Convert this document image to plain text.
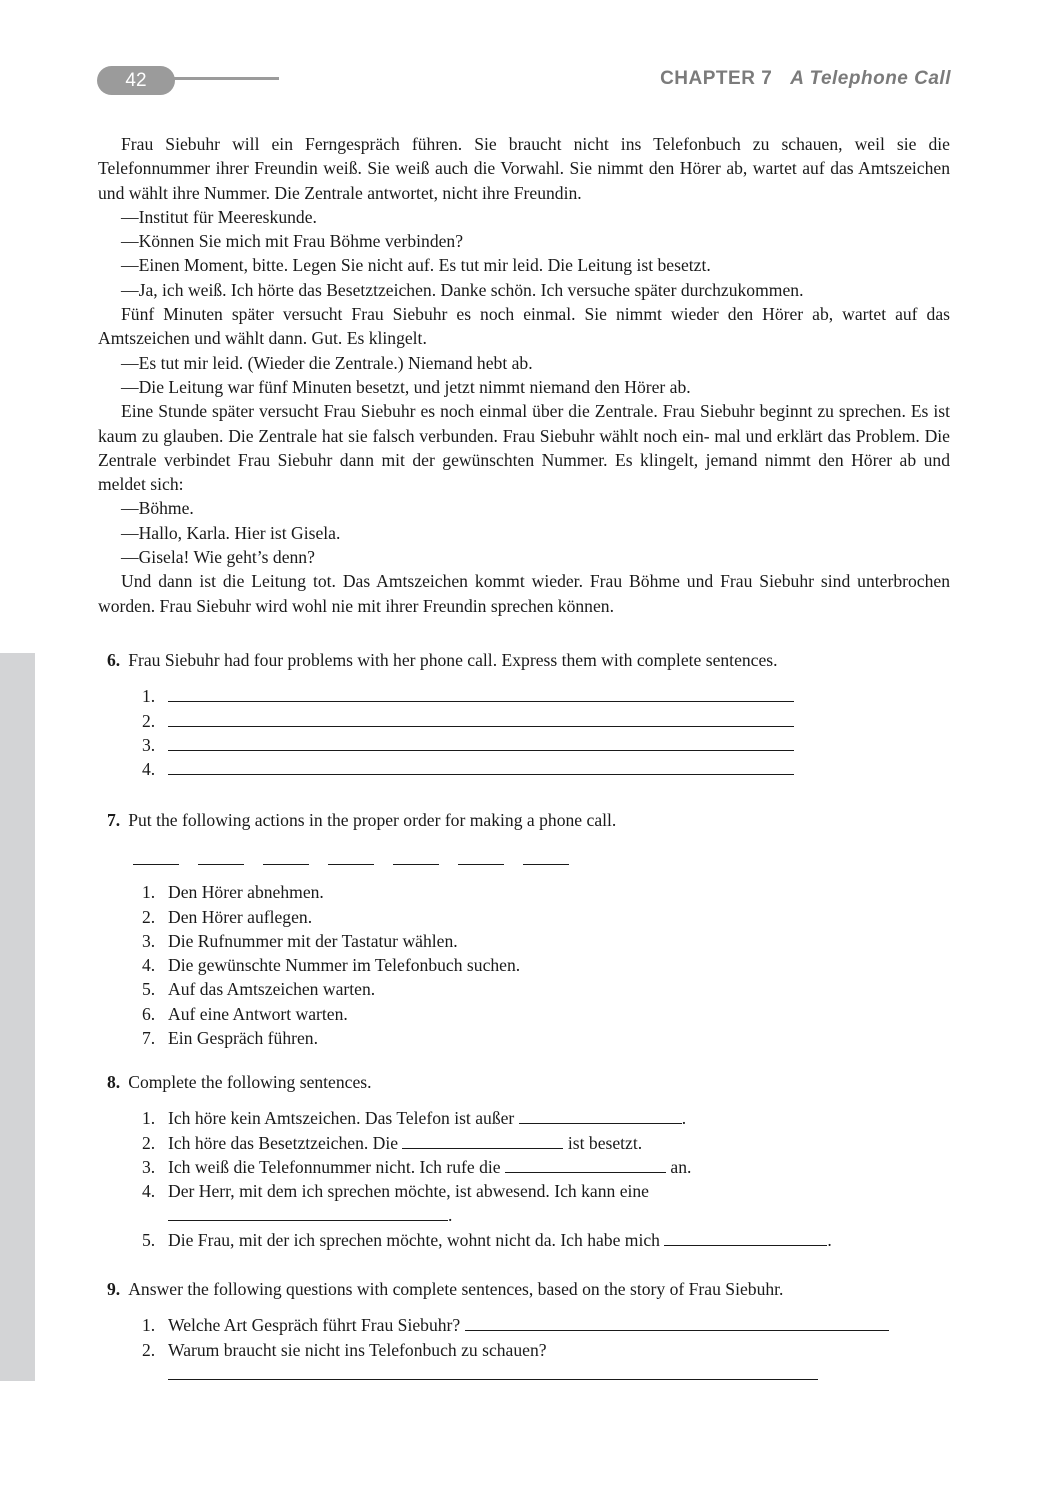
42	CHAPTER 7 A Telephone Call

Frau Siebuhr will ein Ferngespräch führen. Sie braucht nicht ins Telefonbuch zu schauen, weil sie die Telefonnummer ihrer Freundin weiß. Sie weiß auch die Vorwahl. Sie nimmt den Hörer ab, wartet auf das Amtszeichen und wählt ihre Nummer. Die Zentrale antwortet, nicht ihre Freundin.

—Institut für Meereskunde.

—Können Sie mich mit Frau Böhme verbinden?

—Einen Moment, bitte. Legen Sie nicht auf. Es tut mir leid. Die Leitung ist besetzt.

—Ja, ich weiß. Ich hörte das Besetztzeichen. Danke schön. Ich versuche später durchzukommen.

Fünf Minuten später versucht Frau Siebuhr es noch einmal. Sie nimmt wieder den Hörer ab, wartet auf das Amtszeichen und wählt dann. Gut. Es klingelt.

—Es tut mir leid. (Wieder die Zentrale.) Niemand hebt ab.

—Die Leitung war fünf Minuten besetzt, und jetzt nimmt niemand den Hörer ab.

Eine Stunde später versucht Frau Siebuhr es noch einmal über die Zentrale. Frau Siebuhr beginnt zu sprechen. Es ist kaum zu glauben. Die Zentrale hat sie falsch verbunden. Frau Siebuhr wählt noch ein- mal und erklärt das Problem. Die Zentrale verbindet Frau Siebuhr dann mit der gewünschten Nummer. Es klingelt, jemand nimmt den Hörer ab und meldet sich:

—Böhme.

—Hallo, Karla. Hier ist Gisela.

—Gisela! Wie geht’s denn?

Und dann ist die Leitung tot. Das Amtszeichen kommt wieder. Frau Böhme und Frau Siebuhr sind unterbrochen worden. Frau Siebuhr wird wohl nie mit ihrer Freundin sprechen können.

6. Frau Siebuhr had four problems with her phone call. Express them with complete sentences.
1.
2.
3.
4.
7. Put the following actions in the proper order for making a phone call.
1. Den Hörer abnehmen.
2. Den Hörer auflegen.
3. Die Rufnummer mit der Tastatur wählen.
4. Die gewünschte Nummer im Telefonbuch suchen.
5. Auf das Amtszeichen warten.
6. Auf eine Antwort warten.
7. Ein Gespräch führen.
8. Complete the following sentences.
1. Ich höre kein Amtszeichen. Das Telefon ist außer	.
2. Ich höre das Besetztzeichen. Die	ist besetzt.
3. Ich weiß die Telefonnummer nicht. Ich rufe die	an.
4. Der Herr, mit dem ich sprechen möchte, ist abwesend. Ich kann eine
.
5. Die Frau, mit der ich sprechen möchte, wohnt nicht da. Ich habe mich	.
9. Answer the following questions with complete sentences, based on the story of Frau Siebuhr.
1. Welche Art Gespräch führt Frau Siebuhr?
2. Warum braucht sie nicht ins Telefonbuch zu schauen?
